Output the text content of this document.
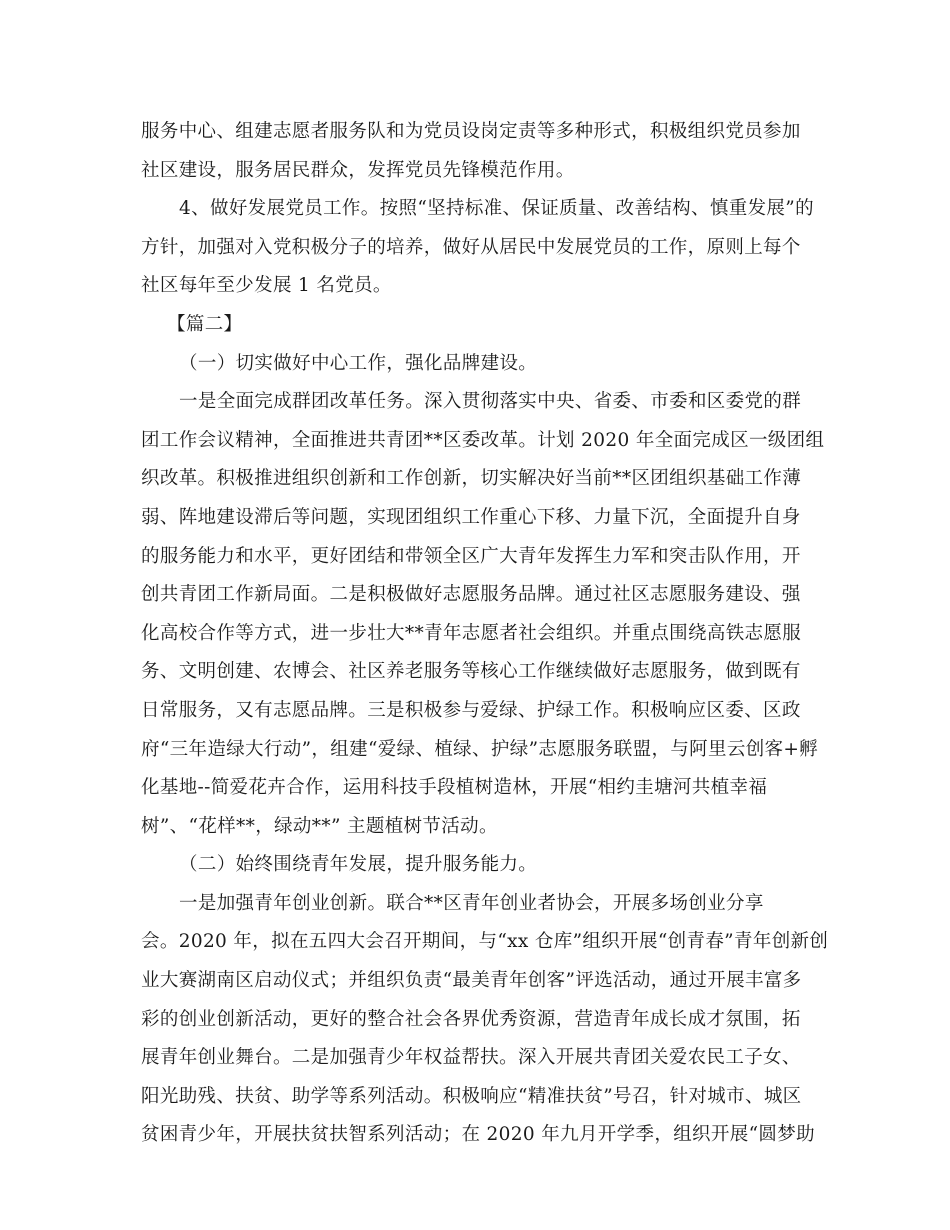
服务中心、组建志愿者服务队和为党员设岗定责等多种形式，积极组织党员参加
社区建设，服务居民群众，发挥党员先锋模范作用。
4、做好发展党员工作。按照“坚持标准、保证质量、改善结构、慎重发展”的
方针，加强对入党积极分子的培养，做好从居民中发展党员的工作，原则上每个
社区每年至少发展 1 名党员。
【篇二】
（一）切实做好中心工作，强化品牌建设。
一是全面完成群团改革任务。深入贯彻落实中央、省委、市委和区委党的群
团工作会议精神，全面推进共青团**区委改革。计划 2020 年全面完成区一级团组
织改革。积极推进组织创新和工作创新，切实解决好当前**区团组织基础工作薄
弱、阵地建设滞后等问题，实现团组织工作重心下移、力量下沉，全面提升自身
的服务能力和水平，更好团结和带领全区广大青年发挥生力军和突击队作用，开
创共青团工作新局面。二是积极做好志愿服务品牌。通过社区志愿服务建设、强
化高校合作等方式，进一步壮大**青年志愿者社会组织。并重点围绕高铁志愿服
务、文明创建、农博会、社区养老服务等核心工作继续做好志愿服务，做到既有
日常服务，又有志愿品牌。三是积极参与爱绿、护绿工作。积极响应区委、区政
府“三年造绿大行动”，组建“爱绿、植绿、护绿”志愿服务联盟，与阿里云创客+孵
化基地--简爱花卉合作，运用科技手段植树造林，开展“相约圭塘河共植幸福
树”、“花样**，绿动**” 主题植树节活动。
（二）始终围绕青年发展，提升服务能力。
一是加强青年创业创新。联合**区青年创业者协会，开展多场创业分享
会。2020 年，拟在五四大会召开期间，与“xx 仓库”组织开展“创青春”青年创新创
业大赛湖南区启动仪式；并组织负责“最美青年创客”评选活动，通过开展丰富多
彩的创业创新活动，更好的整合社会各界优秀资源，营造青年成长成才氛围，拓
展青年创业舞台。二是加强青少年权益帮扶。深入开展共青团关爱农民工子女、
阳光助残、扶贫、助学等系列活动。积极响应“精准扶贫”号召，针对城市、城区
贫困青少年，开展扶贫扶智系列活动；在 2020 年九月开学季，组织开展“圆梦助
